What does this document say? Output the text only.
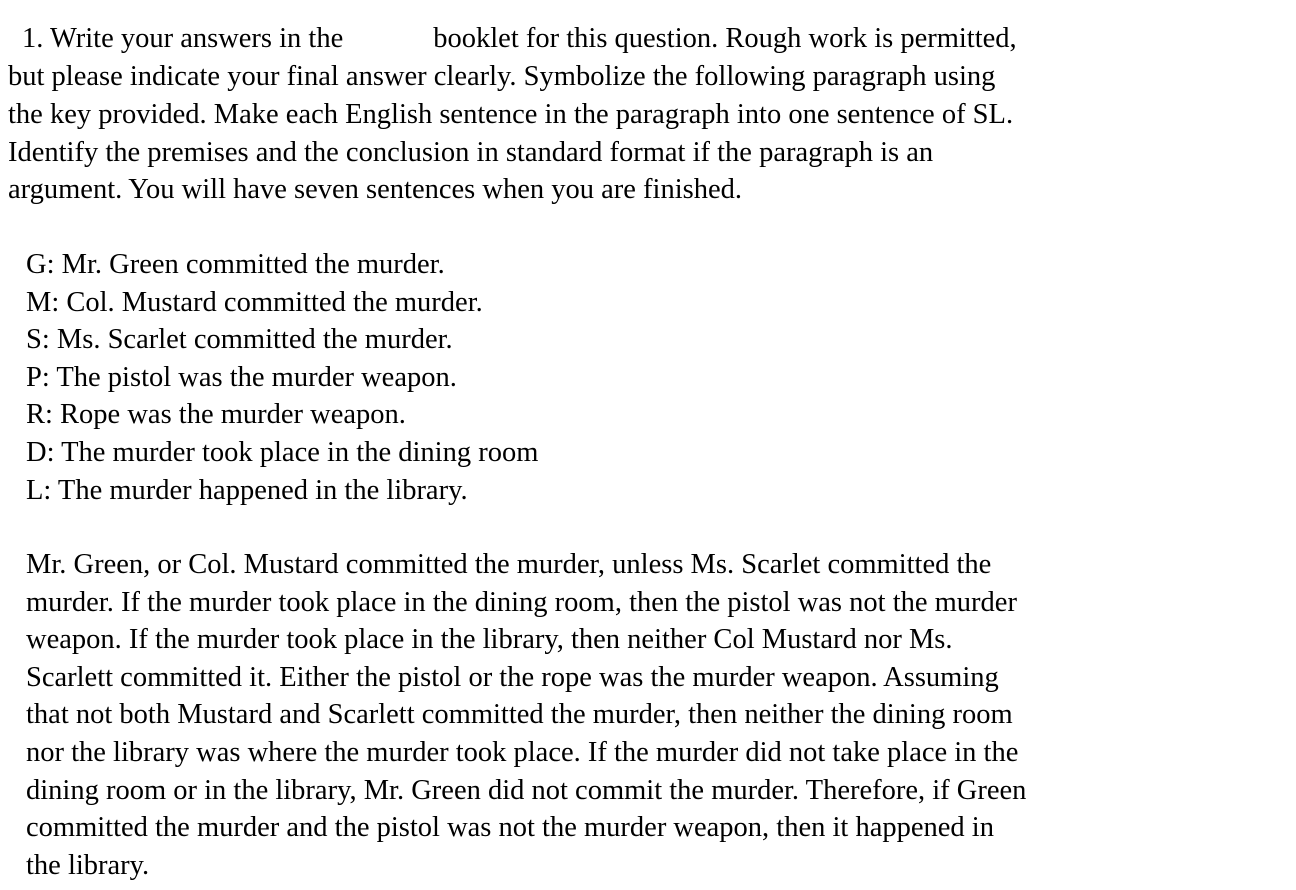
1. Write your answers in the	booklet for this question. Rough work is permitted,
but please indicate your final answer clearly. Symbolize the following paragraph using
the key provided. Make each English sentence in the paragraph into one sentence of SL.
Identify the premises and the conclusion in standard format if the paragraph is an
argument. You will have seven sentences when you are finished.
G: Mr. Green committed the murder.
M: Col. Mustard committed the murder.
S: Ms. Scarlet committed the murder.
P: The pistol was the murder weapon.
R: Rope was the murder weapon.
D: The murder took place in the dining room
L: The murder happened in the library.
Mr. Green, or Col. Mustard committed the murder, unless Ms. Scarlet committed the
murder. If the murder took place in the dining room, then the pistol was not the murder
weapon. If the murder took place in the library, then neither Col Mustard nor Ms.
Scarlett committed it. Either the pistol or the rope was the murder weapon. Assuming
that not both Mustard and Scarlett committed the murder, then neither the dining room
nor the library was where the murder took place. If the murder did not take place in the
dining room or in the library, Mr. Green did not commit the murder. Therefore, if Green
committed the murder and the pistol was not the murder weapon, then it happened in
the library.
